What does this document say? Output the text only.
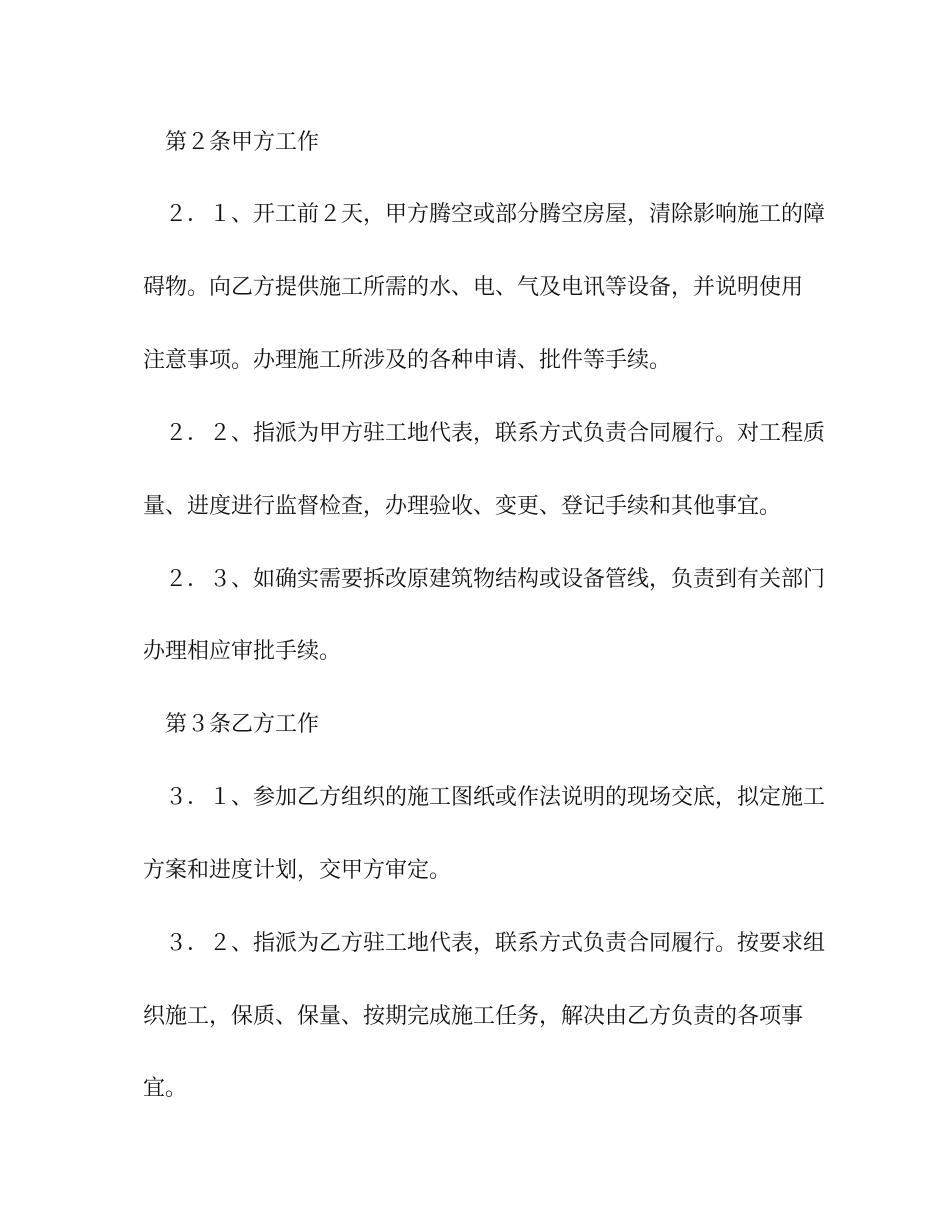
第２条甲方工作
２．１、开工前２天，甲方腾空或部分腾空房屋，清除影响施工的障
碍物。向乙方提供施工所需的水、电、气及电讯等设备，并说明使用
注意事项。办理施工所涉及的各种申请、批件等手续。
２．２、指派为甲方驻工地代表，联系方式负责合同履行。对工程质
量、进度进行监督检查，办理验收、变更、登记手续和其他事宜。
２．３、如确实需要拆改原建筑物结构或设备管线，负责到有关部门
办理相应审批手续。
第３条乙方工作
３．１、参加乙方组织的施工图纸或作法说明的现场交底，拟定施工
方案和进度计划，交甲方审定。
３．２、指派为乙方驻工地代表，联系方式负责合同履行。按要求组
织施工，保质、保量、按期完成施工任务，解决由乙方负责的各项事
宜。
